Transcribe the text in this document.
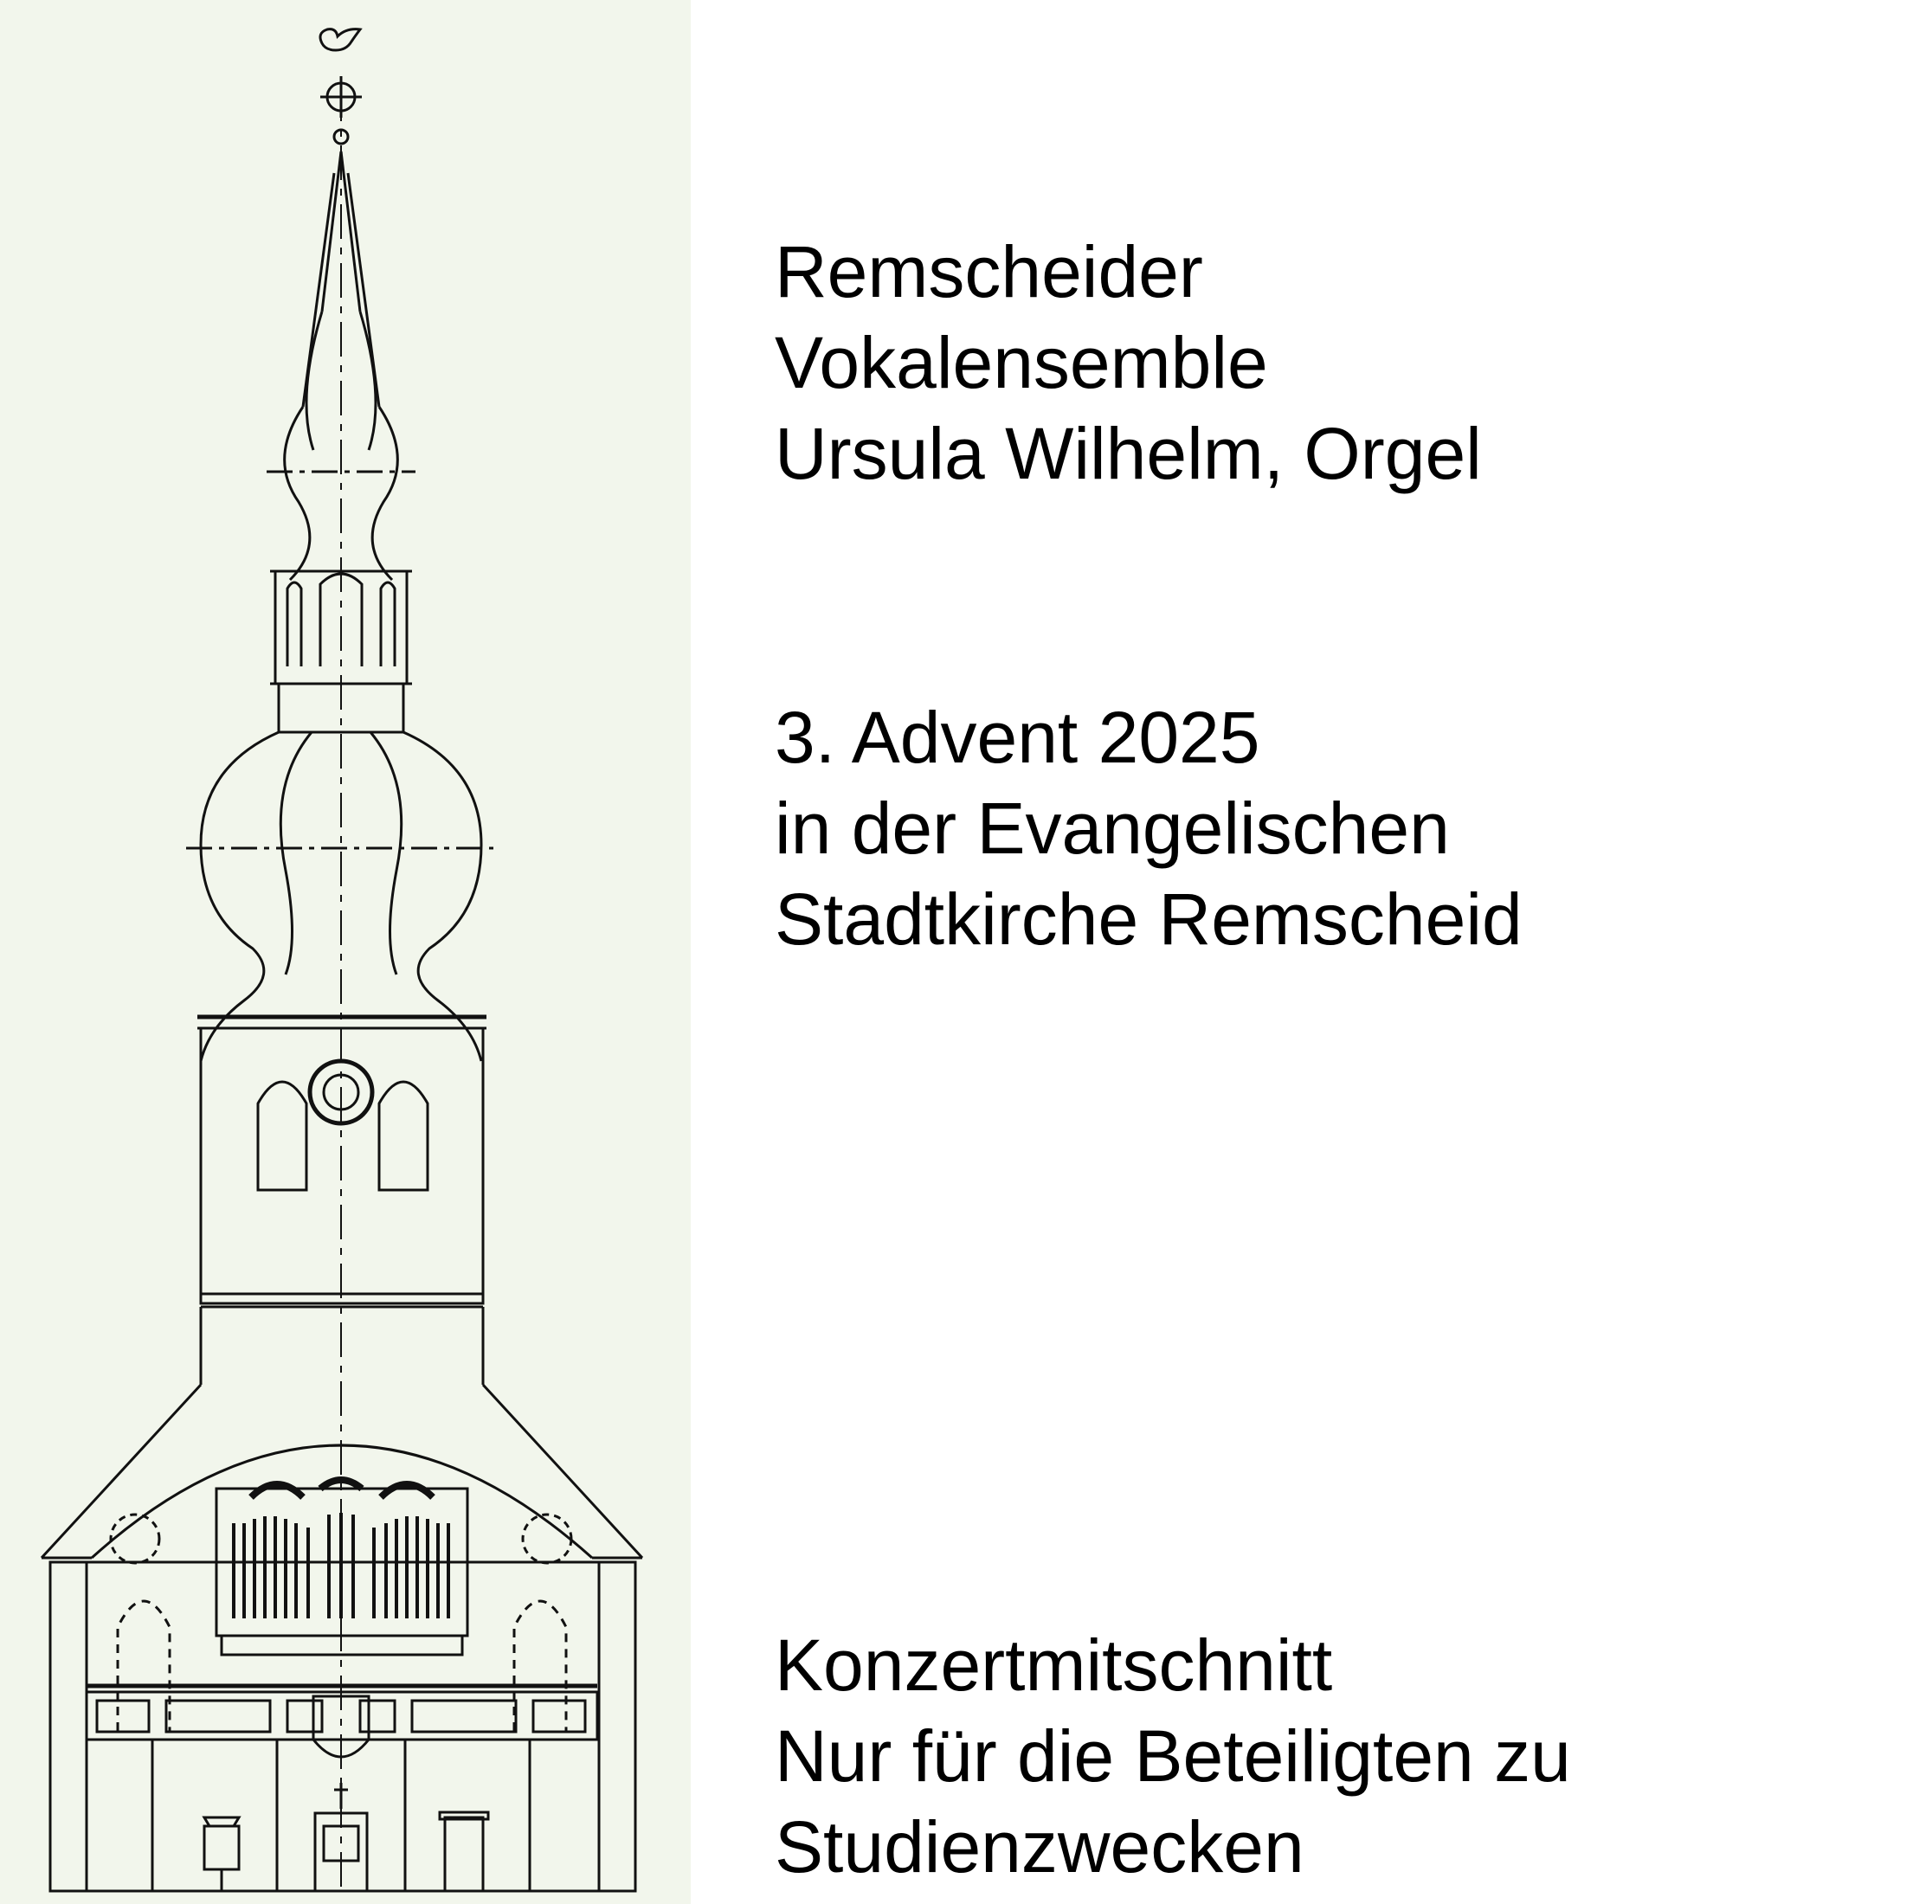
Remscheider
Vokalensemble
Ursula Wilhelm, Orgel
3. Advent 2025
in der Evangelischen
Stadtkirche Remscheid
Konzertmitschnitt
Nur für die Beteiligten zu
Studienzwecken
